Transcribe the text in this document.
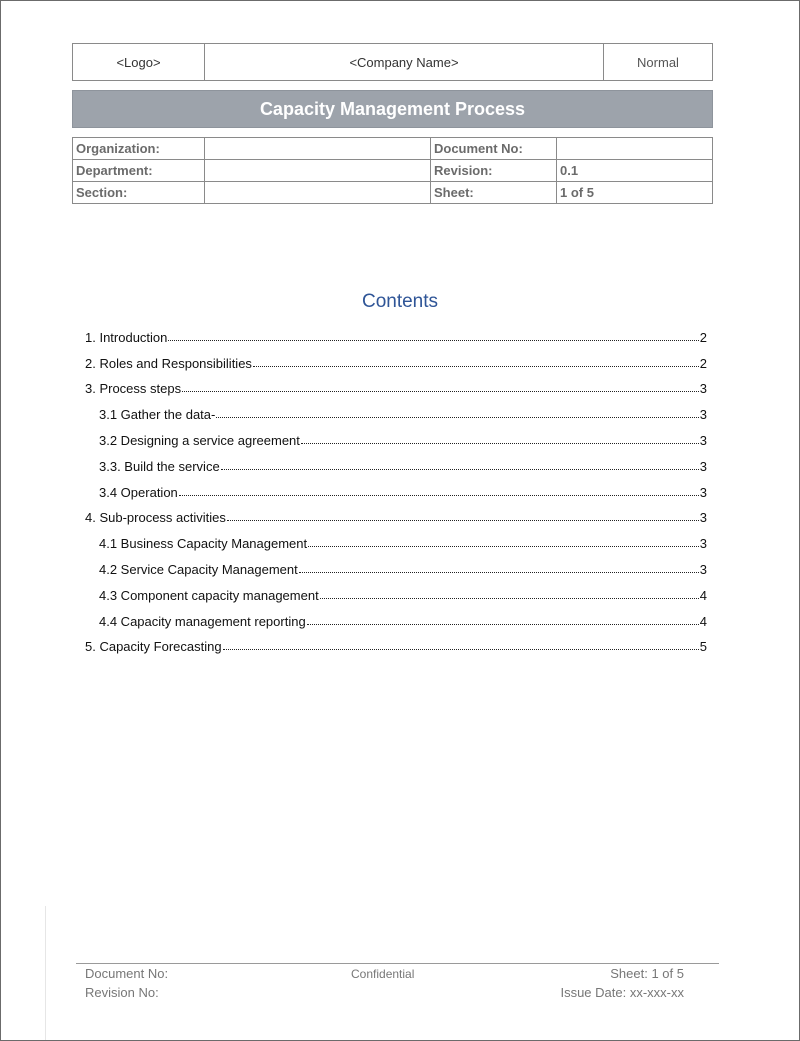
<Logo>	<Company Name>	Normal
Capacity Management Process
Organization:		Document No:	
Department:		Revision:	0.1
Section:		Sheet:	1 of 5
Contents
1. Introduction	2
2. Roles and Responsibilities	2
3. Process steps	3
3.1 Gather the data-	3
3.2 Designing a service agreement	3
3.3. Build the service	3
3.4 Operation	3
4. Sub-process activities	3
4.1 Business Capacity Management	3
4.2 Service Capacity Management	3
4.3 Component capacity management	4
4.4 Capacity management reporting	4
5. Capacity Forecasting	5
Document No:
Revision No:
Confidential	Sheet: 1 of 5
Issue Date: xx-xxx-xx
